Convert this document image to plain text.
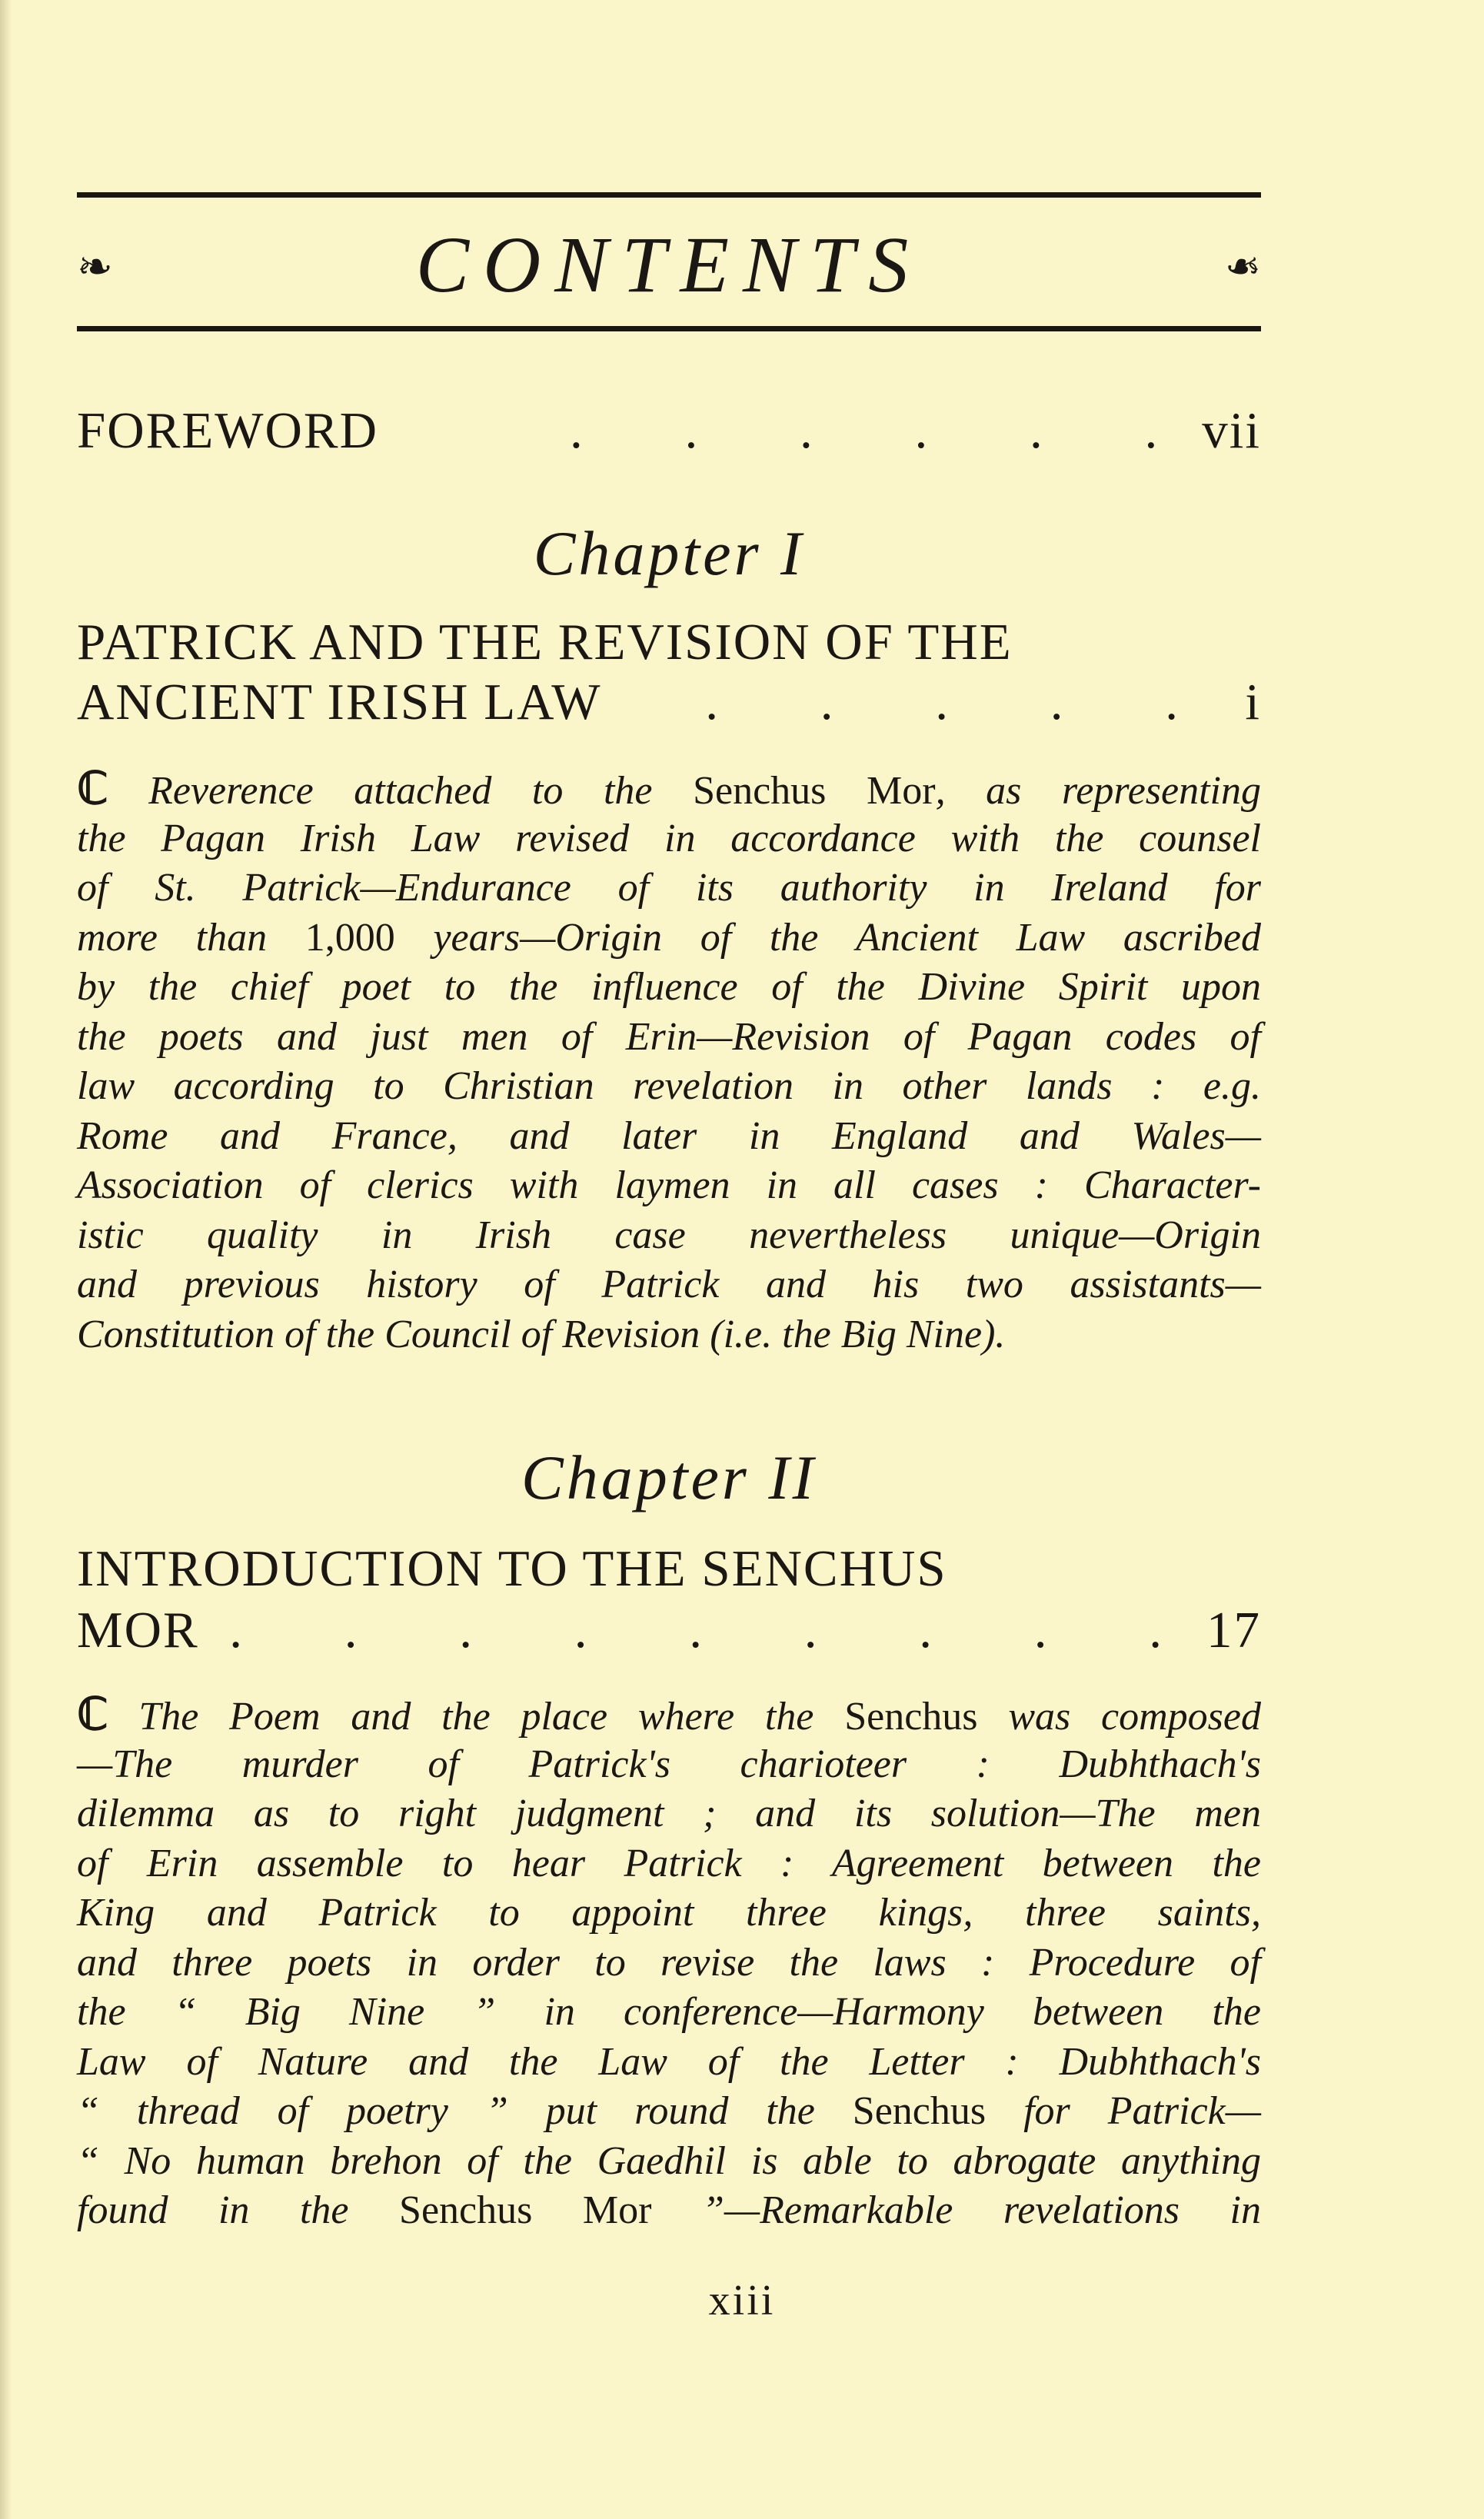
❧	CONTENTS	❧
FOREWORD	. . . . . . vii
Chapter I
PATRICK AND THE REVISION OF THE
ANCIENT IRISH LAW	. . . . . i
ℂ Reverence attached to the Senchus Mor, as representing
the Pagan Irish Law revised in accordance with the counsel
of St. Patrick—Endurance of its authority in Ireland for
more than 1,000 years—Origin of the Ancient Law ascribed
by the chief poet to the influence of the Divine Spirit upon
the poets and just men of Erin—Revision of Pagan codes of
law according to Christian revelation in other lands : e.g.
Rome and France, and later in England and Wales—
Association of clerics with laymen in all cases : Character-
istic quality in Irish case nevertheless unique—Origin
and previous history of Patrick and his two assistants—
Constitution of the Council of Revision (i.e. the Big Nine).
Chapter II
INTRODUCTION TO THE SENCHUS
MOR . . . . . . . . . 17
ℂ The Poem and the place where the Senchus was composed
—The murder of Patrick's charioteer : Dubhthach's
dilemma as to right judgment ; and its solution—The men
of Erin assemble to hear Patrick : Agreement between the
King and Patrick to appoint three kings, three saints,
and three poets in order to revise the laws : Procedure of
the “ Big Nine ” in conference—Harmony between the
Law of Nature and the Law of the Letter : Dubhthach's
“ thread of poetry ” put round the Senchus for Patrick—
“ No human brehon of the Gaedhil is able to abrogate anything
found in the Senchus Mor ”—Remarkable revelations in
xiii
